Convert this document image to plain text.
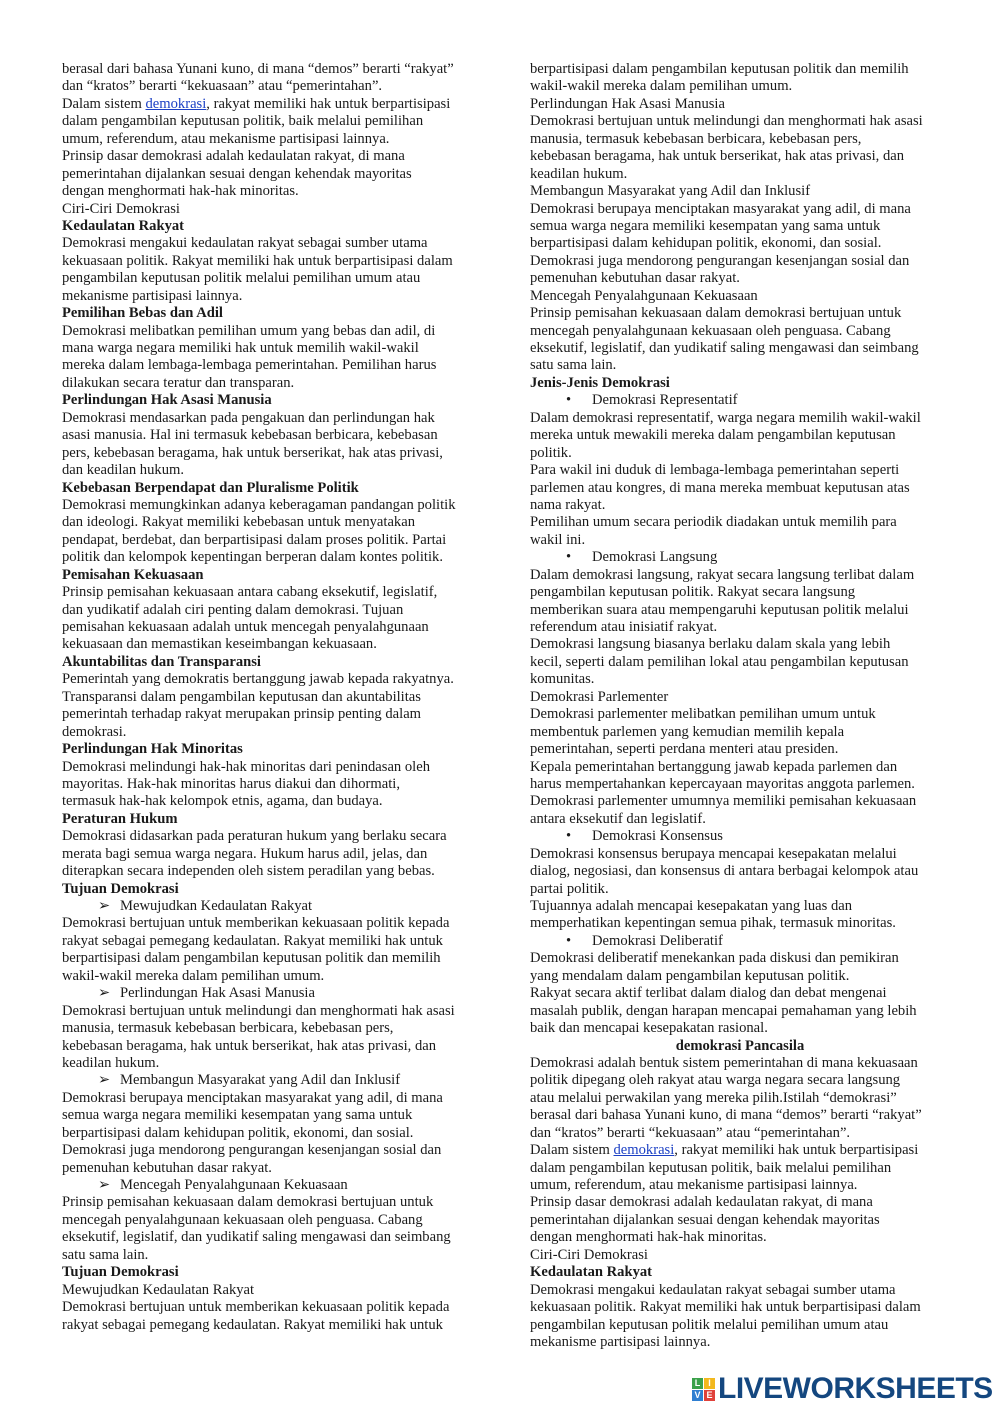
berasal dari bahasa Yunani kuno, di mana “demos” berarti “rakyat”
dan “kratos” berarti “kekuasaan” atau “pemerintahan”.
Dalam sistem demokrasi, rakyat memiliki hak untuk berpartisipasi
dalam pengambilan keputusan politik, baik melalui pemilihan
umum, referendum, atau mekanisme partisipasi lainnya.
Prinsip dasar demokrasi adalah kedaulatan rakyat, di mana
pemerintahan dijalankan sesuai dengan kehendak mayoritas
dengan menghormati hak-hak minoritas.
Ciri-Ciri Demokrasi
Kedaulatan Rakyat
Demokrasi mengakui kedaulatan rakyat sebagai sumber utama
kekuasaan politik. Rakyat memiliki hak untuk berpartisipasi dalam
pengambilan keputusan politik melalui pemilihan umum atau
mekanisme partisipasi lainnya.
Pemilihan Bebas dan Adil
Demokrasi melibatkan pemilihan umum yang bebas dan adil, di
mana warga negara memiliki hak untuk memilih wakil-wakil
mereka dalam lembaga-lembaga pemerintahan. Pemilihan harus
dilakukan secara teratur dan transparan.
Perlindungan Hak Asasi Manusia
Demokrasi mendasarkan pada pengakuan dan perlindungan hak
asasi manusia. Hal ini termasuk kebebasan berbicara, kebebasan
pers, kebebasan beragama, hak untuk berserikat, hak atas privasi,
dan keadilan hukum.
Kebebasan Berpendapat dan Pluralisme Politik
Demokrasi memungkinkan adanya keberagaman pandangan politik
dan ideologi. Rakyat memiliki kebebasan untuk menyatakan
pendapat, berdebat, dan berpartisipasi dalam proses politik. Partai
politik dan kelompok kepentingan berperan dalam kontes politik.
Pemisahan Kekuasaan
Prinsip pemisahan kekuasaan antara cabang eksekutif, legislatif,
dan yudikatif adalah ciri penting dalam demokrasi. Tujuan
pemisahan kekuasaan adalah untuk mencegah penyalahgunaan
kekuasaan dan memastikan keseimbangan kekuasaan.
Akuntabilitas dan Transparansi
Pemerintah yang demokratis bertanggung jawab kepada rakyatnya.
Transparansi dalam pengambilan keputusan dan akuntabilitas
pemerintah terhadap rakyat merupakan prinsip penting dalam
demokrasi.
Perlindungan Hak Minoritas
Demokrasi melindungi hak-hak minoritas dari penindasan oleh
mayoritas. Hak-hak minoritas harus diakui dan dihormati,
termasuk hak-hak kelompok etnis, agama, dan budaya.
Peraturan Hukum
Demokrasi didasarkan pada peraturan hukum yang berlaku secara
merata bagi semua warga negara. Hukum harus adil, jelas, dan
diterapkan secara independen oleh sistem peradilan yang bebas.
Tujuan Demokrasi
➢ Mewujudkan Kedaulatan Rakyat
Demokrasi bertujuan untuk memberikan kekuasaan politik kepada
rakyat sebagai pemegang kedaulatan. Rakyat memiliki hak untuk
berpartisipasi dalam pengambilan keputusan politik dan memilih
wakil-wakil mereka dalam pemilihan umum.
➢ Perlindungan Hak Asasi Manusia
Demokrasi bertujuan untuk melindungi dan menghormati hak asasi
manusia, termasuk kebebasan berbicara, kebebasan pers,
kebebasan beragama, hak untuk berserikat, hak atas privasi, dan
keadilan hukum.
➢ Membangun Masyarakat yang Adil dan Inklusif
Demokrasi berupaya menciptakan masyarakat yang adil, di mana
semua warga negara memiliki kesempatan yang sama untuk
berpartisipasi dalam kehidupan politik, ekonomi, dan sosial.
Demokrasi juga mendorong pengurangan kesenjangan sosial dan
pemenuhan kebutuhan dasar rakyat.
➢ Mencegah Penyalahgunaan Kekuasaan
Prinsip pemisahan kekuasaan dalam demokrasi bertujuan untuk
mencegah penyalahgunaan kekuasaan oleh penguasa. Cabang
eksekutif, legislatif, dan yudikatif saling mengawasi dan seimbang
satu sama lain.
Tujuan Demokrasi
Mewujudkan Kedaulatan Rakyat
Demokrasi bertujuan untuk memberikan kekuasaan politik kepada
rakyat sebagai pemegang kedaulatan. Rakyat memiliki hak untuk
berpartisipasi dalam pengambilan keputusan politik dan memilih
wakil-wakil mereka dalam pemilihan umum.
Perlindungan Hak Asasi Manusia
Demokrasi bertujuan untuk melindungi dan menghormati hak asasi
manusia, termasuk kebebasan berbicara, kebebasan pers,
kebebasan beragama, hak untuk berserikat, hak atas privasi, dan
keadilan hukum.
Membangun Masyarakat yang Adil dan Inklusif
Demokrasi berupaya menciptakan masyarakat yang adil, di mana
semua warga negara memiliki kesempatan yang sama untuk
berpartisipasi dalam kehidupan politik, ekonomi, dan sosial.
Demokrasi juga mendorong pengurangan kesenjangan sosial dan
pemenuhan kebutuhan dasar rakyat.
Mencegah Penyalahgunaan Kekuasaan
Prinsip pemisahan kekuasaan dalam demokrasi bertujuan untuk
mencegah penyalahgunaan kekuasaan oleh penguasa. Cabang
eksekutif, legislatif, dan yudikatif saling mengawasi dan seimbang
satu sama lain.
Jenis-Jenis Demokrasi
•	Demokrasi Representatif
Dalam demokrasi representatif, warga negara memilih wakil-wakil
mereka untuk mewakili mereka dalam pengambilan keputusan
politik.
Para wakil ini duduk di lembaga-lembaga pemerintahan seperti
parlemen atau kongres, di mana mereka membuat keputusan atas
nama rakyat.
Pemilihan umum secara periodik diadakan untuk memilih para
wakil ini.
•	Demokrasi Langsung
Dalam demokrasi langsung, rakyat secara langsung terlibat dalam
pengambilan keputusan politik. Rakyat secara langsung
memberikan suara atau mempengaruhi keputusan politik melalui
referendum atau inisiatif rakyat.
Demokrasi langsung biasanya berlaku dalam skala yang lebih
kecil, seperti dalam pemilihan lokal atau pengambilan keputusan
komunitas.
Demokrasi Parlementer
Demokrasi parlementer melibatkan pemilihan umum untuk
membentuk parlemen yang kemudian memilih kepala
pemerintahan, seperti perdana menteri atau presiden.
Kepala pemerintahan bertanggung jawab kepada parlemen dan
harus mempertahankan kepercayaan mayoritas anggota parlemen.
Demokrasi parlementer umumnya memiliki pemisahan kekuasaan
antara eksekutif dan legislatif.
•	Demokrasi Konsensus
Demokrasi konsensus berupaya mencapai kesepakatan melalui
dialog, negosiasi, dan konsensus di antara berbagai kelompok atau
partai politik.
Tujuannya adalah mencapai kesepakatan yang luas dan
memperhatikan kepentingan semua pihak, termasuk minoritas.
•	Demokrasi Deliberatif
Demokrasi deliberatif menekankan pada diskusi dan pemikiran
yang mendalam dalam pengambilan keputusan politik.
Rakyat secara aktif terlibat dalam dialog dan debat mengenai
masalah publik, dengan harapan mencapai pemahaman yang lebih
baik dan mencapai kesepakatan rasional.
demokrasi Pancasila
Demokrasi adalah bentuk sistem pemerintahan di mana kekuasaan
politik dipegang oleh rakyat atau warga negara secara langsung
atau melalui perwakilan yang mereka pilih.Istilah “demokrasi”
berasal dari bahasa Yunani kuno, di mana “demos” berarti “rakyat”
dan “kratos” berarti “kekuasaan” atau “pemerintahan”.
Dalam sistem demokrasi, rakyat memiliki hak untuk berpartisipasi
dalam pengambilan keputusan politik, baik melalui pemilihan
umum, referendum, atau mekanisme partisipasi lainnya.
Prinsip dasar demokrasi adalah kedaulatan rakyat, di mana
pemerintahan dijalankan sesuai dengan kehendak mayoritas
dengan menghormati hak-hak minoritas.
Ciri-Ciri Demokrasi
Kedaulatan Rakyat
Demokrasi mengakui kedaulatan rakyat sebagai sumber utama
kekuasaan politik. Rakyat memiliki hak untuk berpartisipasi dalam
pengambilan keputusan politik melalui pemilihan umum atau
mekanisme partisipasi lainnya.
L I
V E LIVEWORKSHEETS
